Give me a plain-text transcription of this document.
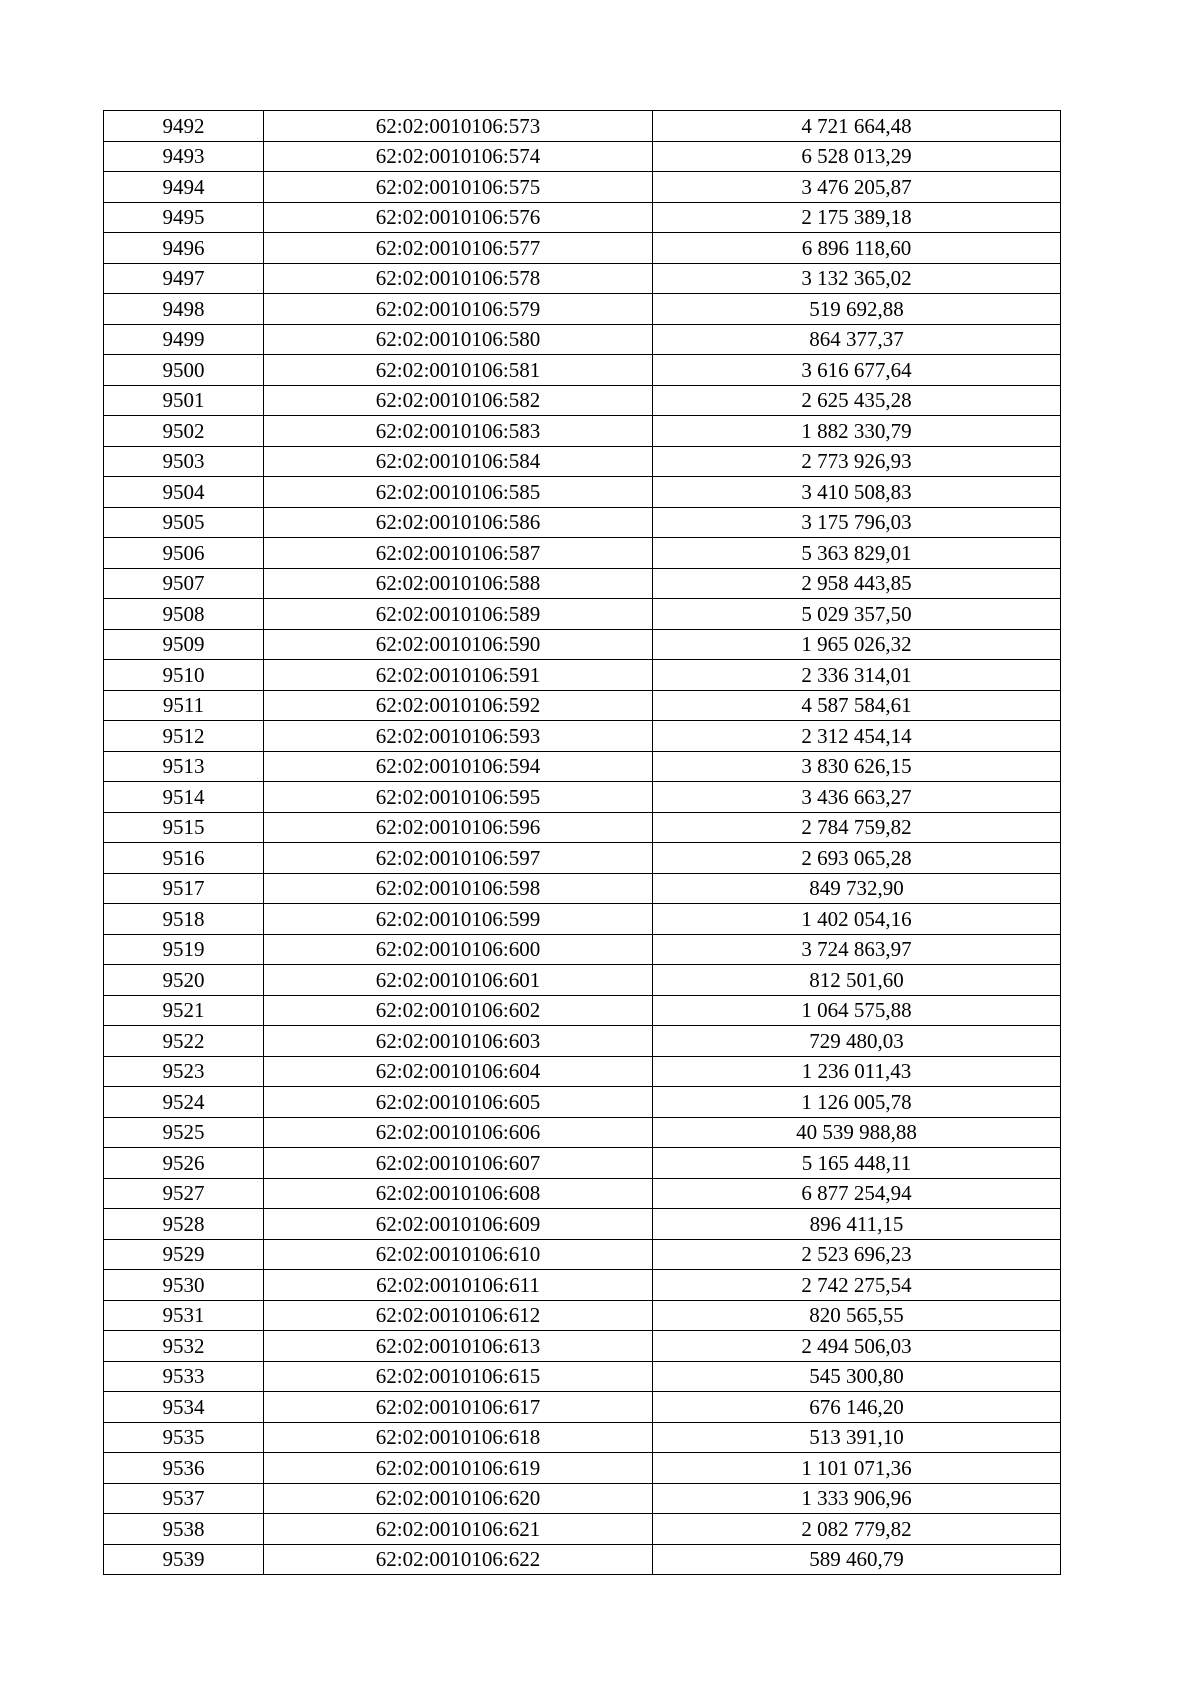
9492	62:02:0010106:573	4 721 664,48
9493	62:02:0010106:574	6 528 013,29
9494	62:02:0010106:575	3 476 205,87
9495	62:02:0010106:576	2 175 389,18
9496	62:02:0010106:577	6 896 118,60
9497	62:02:0010106:578	3 132 365,02
9498	62:02:0010106:579	519 692,88
9499	62:02:0010106:580	864 377,37
9500	62:02:0010106:581	3 616 677,64
9501	62:02:0010106:582	2 625 435,28
9502	62:02:0010106:583	1 882 330,79
9503	62:02:0010106:584	2 773 926,93
9504	62:02:0010106:585	3 410 508,83
9505	62:02:0010106:586	3 175 796,03
9506	62:02:0010106:587	5 363 829,01
9507	62:02:0010106:588	2 958 443,85
9508	62:02:0010106:589	5 029 357,50
9509	62:02:0010106:590	1 965 026,32
9510	62:02:0010106:591	2 336 314,01
9511	62:02:0010106:592	4 587 584,61
9512	62:02:0010106:593	2 312 454,14
9513	62:02:0010106:594	3 830 626,15
9514	62:02:0010106:595	3 436 663,27
9515	62:02:0010106:596	2 784 759,82
9516	62:02:0010106:597	2 693 065,28
9517	62:02:0010106:598	849 732,90
9518	62:02:0010106:599	1 402 054,16
9519	62:02:0010106:600	3 724 863,97
9520	62:02:0010106:601	812 501,60
9521	62:02:0010106:602	1 064 575,88
9522	62:02:0010106:603	729 480,03
9523	62:02:0010106:604	1 236 011,43
9524	62:02:0010106:605	1 126 005,78
9525	62:02:0010106:606	40 539 988,88
9526	62:02:0010106:607	5 165 448,11
9527	62:02:0010106:608	6 877 254,94
9528	62:02:0010106:609	896 411,15
9529	62:02:0010106:610	2 523 696,23
9530	62:02:0010106:611	2 742 275,54
9531	62:02:0010106:612	820 565,55
9532	62:02:0010106:613	2 494 506,03
9533	62:02:0010106:615	545 300,80
9534	62:02:0010106:617	676 146,20
9535	62:02:0010106:618	513 391,10
9536	62:02:0010106:619	1 101 071,36
9537	62:02:0010106:620	1 333 906,96
9538	62:02:0010106:621	2 082 779,82
9539	62:02:0010106:622	589 460,79
